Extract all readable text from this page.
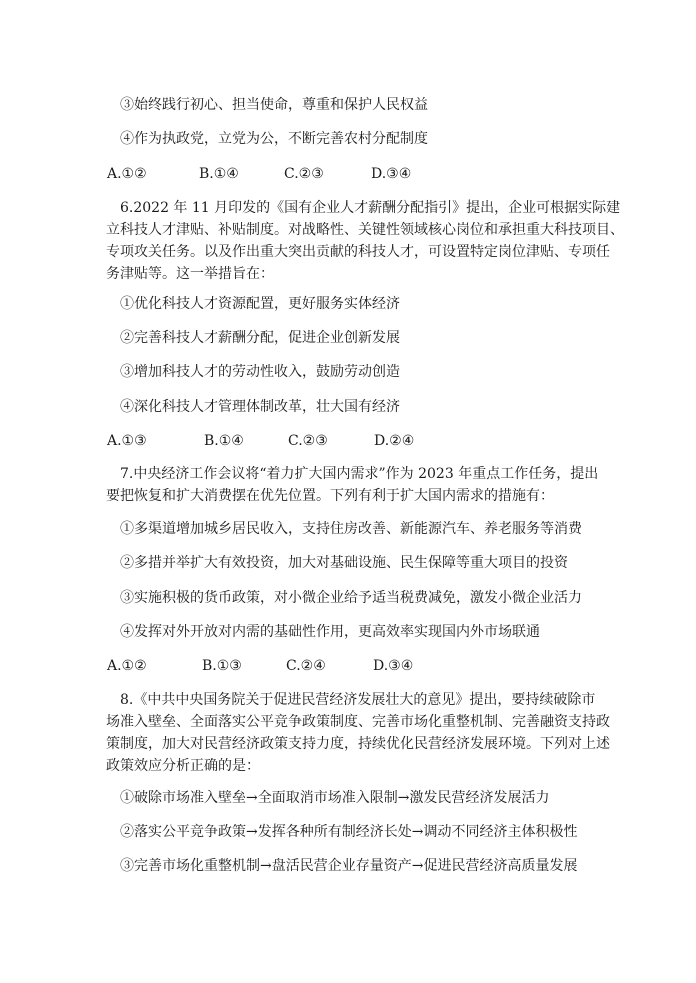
③始终践行初心、担当使命，尊重和保护人民权益
④作为执政党，立党为公，不断完善农村分配制度
A.①②	B.①④	C.②③	D.③④
6.2022 年 11 月印发的《国有企业人才薪酬分配指引》提出，企业可根据实际建
立科技人才津贴、补贴制度。对战略性、关键性领域核心岗位和承担重大科技项目、
专项攻关任务。以及作出重大突出贡献的科技人才，可设置特定岗位津贴、专项任
务津贴等。这一举措旨在：
①优化科技人才资源配置，更好服务实体经济
②完善科技人才薪酬分配，促进企业创新发展
③增加科技人才的劳动性收入，鼓励劳动创造
④深化科技人才管理体制改革，壮大国有经济
A.①③	B.①④	C.②③	D.②④
7.中央经济工作会议将“着力扩大国内需求”作为 2023 年重点工作任务，提出
要把恢复和扩大消费摆在优先位置。下列有利于扩大国内需求的措施有：
①多渠道增加城乡居民收入，支持住房改善、新能源汽车、养老服务等消费
②多措并举扩大有效投资，加大对基础设施、民生保障等重大项目的投资
③实施积极的货币政策，对小微企业给予适当税费减免，激发小微企业活力
④发挥对外开放对内需的基础性作用，更高效率实现国内外市场联通
A.①②	B.①③	C.②④	D.③④
8.《中共中央国务院关于促进民营经济发展壮大的意见》提出，要持续破除市
场准入壁垒、全面落实公平竞争政策制度、完善市场化重整机制、完善融资支持政
策制度，加大对民营经济政策支持力度，持续优化民营经济发展环境。下列对上述
政策效应分析正确的是：
①破除市场准入壁垒→全面取消市场准入限制→激发民营经济发展活力
②落实公平竞争政策→发挥各种所有制经济长处→调动不同经济主体积极性
③完善市场化重整机制→盘活民营企业存量资产→促进民营经济高质量发展
